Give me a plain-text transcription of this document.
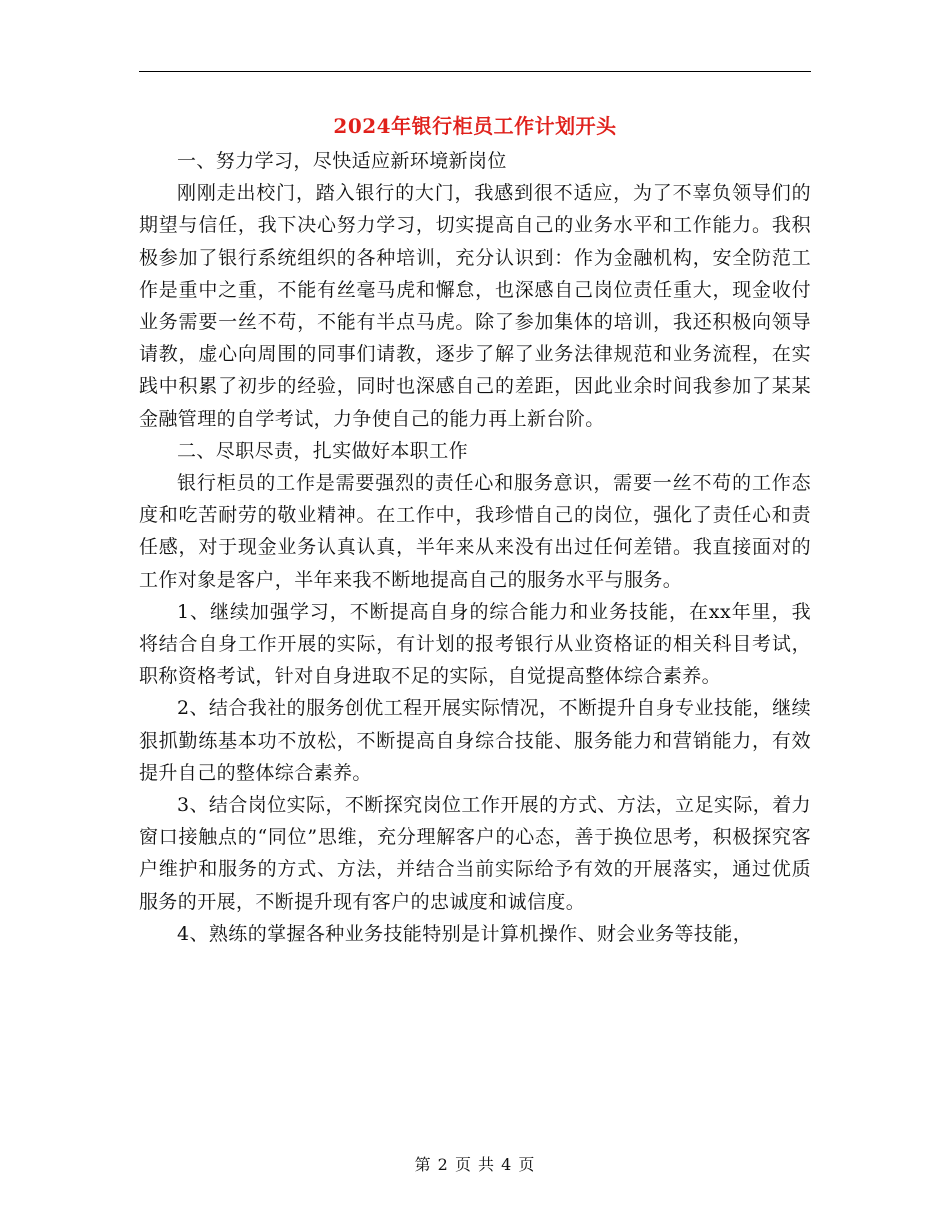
2024年银行柜员工作计划开头

一、努力学习，尽快适应新环境新岗位

刚刚走出校门，踏入银行的大门，我感到很不适应，为了不辜负领导们的期望与信任，我下决心努力学习，切实提高自己的业务水平和工作能力。我积极参加了银行系统组织的各种培训，充分认识到：作为金融机构，安全防范工作是重中之重，不能有丝毫马虎和懈怠，也深感自己岗位责任重大，现金收付业务需要一丝不苟，不能有半点马虎。除了参加集体的培训，我还积极向领导请教，虚心向周围的同事们请教，逐步了解了业务法律规范和业务流程，在实践中积累了初步的经验，同时也深感自己的差距，因此业余时间我参加了某某金融管理的自学考试，力争使自己的能力再上新台阶。

二、尽职尽责，扎实做好本职工作

银行柜员的工作是需要强烈的责任心和服务意识，需要一丝不苟的工作态度和吃苦耐劳的敬业精神。在工作中，我珍惜自己的岗位，强化了责任心和责任感，对于现金业务认真认真，半年来从来没有出过任何差错。我直接面对的工作对象是客户，半年来我不断地提高自己的服务水平与服务。

1、继续加强学习，不断提高自身的综合能力和业务技能，在xx年里，我将结合自身工作开展的实际，有计划的报考银行从业资格证的相关科目考试，职称资格考试，针对自身进取不足的实际，自觉提高整体综合素养。

2、结合我社的服务创优工程开展实际情况，不断提升自身专业技能，继续狠抓勤练基本功不放松，不断提高自身综合技能、服务能力和营销能力，有效提升自己的整体综合素养。

3、结合岗位实际，不断探究岗位工作开展的方式、方法，立足实际，着力窗口接触点的“同位”思维，充分理解客户的心态，善于换位思考，积极探究客户维护和服务的方式、方法，并结合当前实际给予有效的开展落实，通过优质服务的开展，不断提升现有客户的忠诚度和诚信度。

4、熟练的掌握各种业务技能特别是计算机操作、财会业务等技能，

第 2 页 共 4 页
